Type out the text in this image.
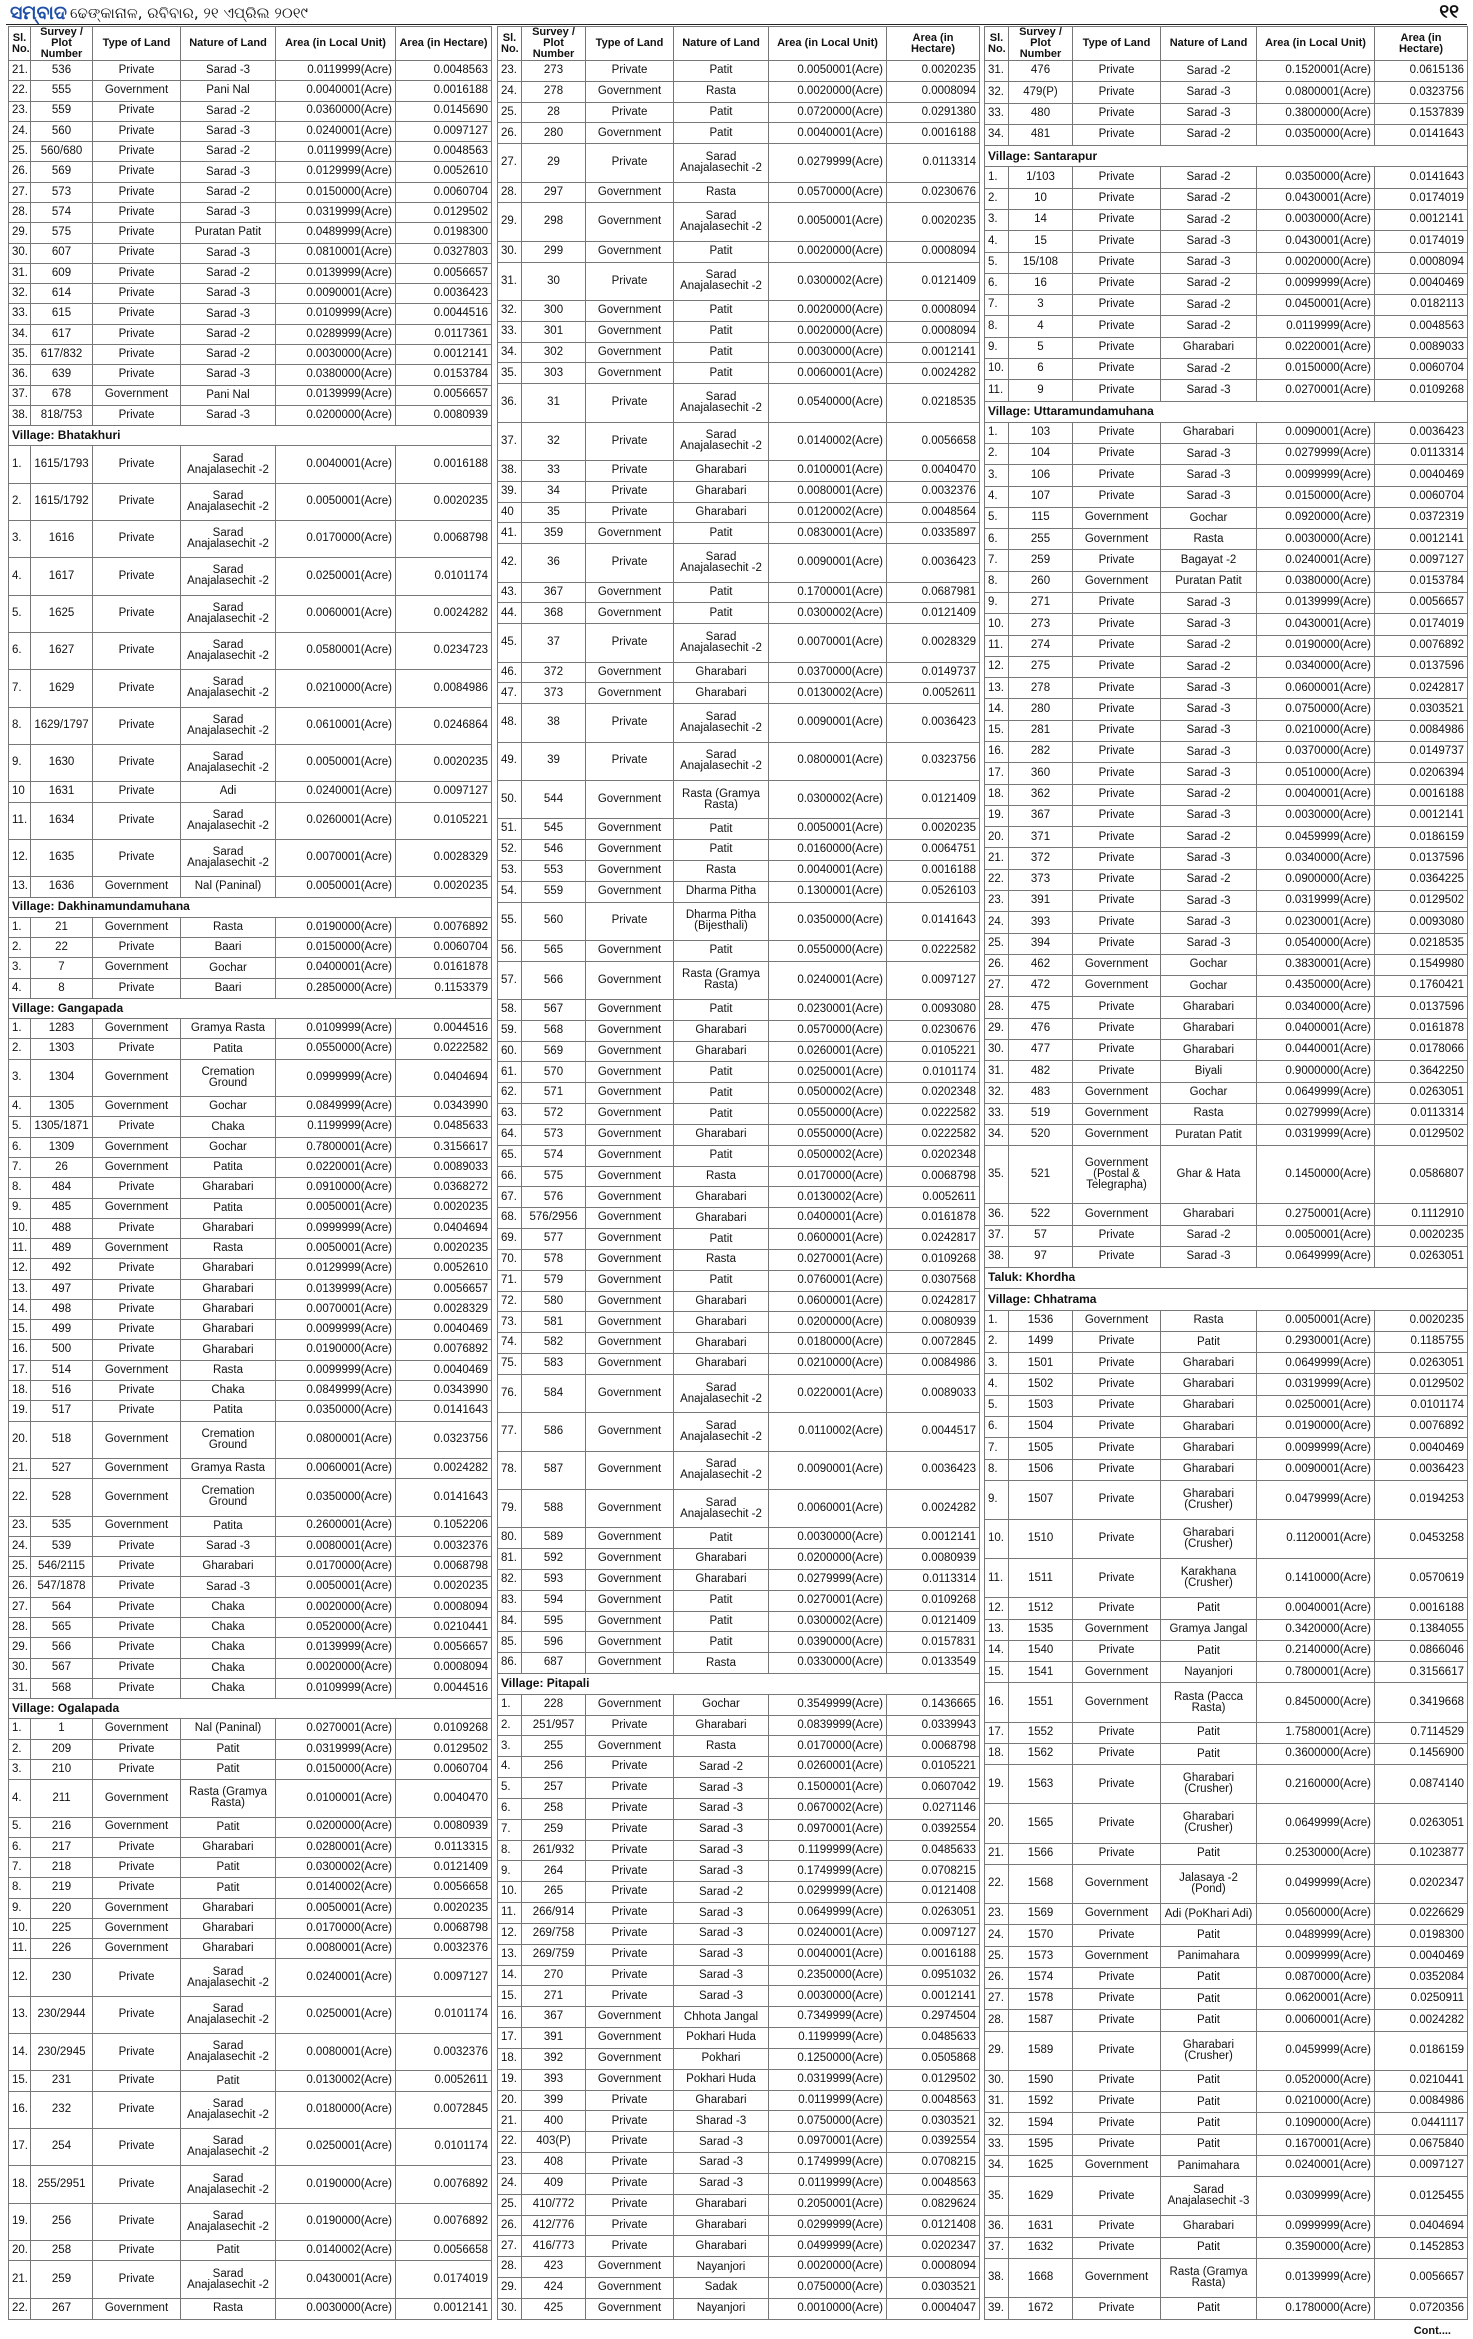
ସମ୍ବାଦ ଢେଙ୍କାନାଳ, ରବିବାର, ୨୧ ଏପ୍ରିଲ ୨୦୧୯	୧୧
Sl. No.	Survey / Plot Number	Type of Land	Nature of Land	Area (in Local Unit)	Area (in Hectare)
21.	536	Private	Sarad -3	0.0119999(Acre)	0.0048563
22.	555	Government	Pani Nal	0.0040001(Acre)	0.0016188
23.	559	Private	Sarad -2	0.0360000(Acre)	0.0145690
24.	560	Private	Sarad -3	0.0240001(Acre)	0.0097127
25.	560/680	Private	Sarad -2	0.0119999(Acre)	0.0048563
26.	569	Private	Sarad -3	0.0129999(Acre)	0.0052610
27.	573	Private	Sarad -2	0.0150000(Acre)	0.0060704
28.	574	Private	Sarad -3	0.0319999(Acre)	0.0129502
29.	575	Private	Puratan Patit	0.0489999(Acre)	0.0198300
30.	607	Private	Sarad -3	0.0810001(Acre)	0.0327803
31.	609	Private	Sarad -2	0.0139999(Acre)	0.0056657
32.	614	Private	Sarad -3	0.0090001(Acre)	0.0036423
33.	615	Private	Sarad -3	0.0109999(Acre)	0.0044516
34.	617	Private	Sarad -2	0.0289999(Acre)	0.0117361
35.	617/832	Private	Sarad -2	0.0030000(Acre)	0.0012141
36.	639	Private	Sarad -3	0.0380000(Acre)	0.0153784
37.	678	Government	Pani Nal	0.0139999(Acre)	0.0056657
38.	818/753	Private	Sarad -3	0.0200000(Acre)	0.0080939
Village: Bhatakhuri					
1.	1615/1793	Private	Sarad Anajalasechit -2	0.0040001(Acre)	0.0016188
2.	1615/1792	Private	Sarad Anajalasechit -2	0.0050001(Acre)	0.0020235
3.	1616	Private	Sarad Anajalasechit -2	0.0170000(Acre)	0.0068798
4.	1617	Private	Sarad Anajalasechit -2	0.0250001(Acre)	0.0101174
5.	1625	Private	Sarad Anajalasechit -2	0.0060001(Acre)	0.0024282
6.	1627	Private	Sarad Anajalasechit -2	0.0580001(Acre)	0.0234723
7.	1629	Private	Sarad Anajalasechit -2	0.0210000(Acre)	0.0084986
8.	1629/1797	Private	Sarad Anajalasechit -2	0.0610001(Acre)	0.0246864
9.	1630	Private	Sarad Anajalasechit -2	0.0050001(Acre)	0.0020235
10	1631	Private	Adi	0.0240001(Acre)	0.0097127
11.	1634	Private	Sarad Anajalasechit -2	0.0260001(Acre)	0.0105221
12.	1635	Private	Sarad Anajalasechit -2	0.0070001(Acre)	0.0028329
13.	1636	Government	Nal (Paninal)	0.0050001(Acre)	0.0020235
Village: Dakhinamundamuhana					
1.	21	Government	Rasta	0.0190000(Acre)	0.0076892
2.	22	Private	Baari	0.0150000(Acre)	0.0060704
3.	7	Government	Gochar	0.0400001(Acre)	0.0161878
4.	8	Private	Baari	0.2850000(Acre)	0.1153379
Village: Gangapada					
1.	1283	Government	Gramya Rasta	0.0109999(Acre)	0.0044516
2.	1303	Private	Patita	0.0550000(Acre)	0.0222582
3.	1304	Government	Cremation Ground	0.0999999(Acre)	0.0404694
4.	1305	Government	Gochar	0.0849999(Acre)	0.0343990
5.	1305/1871	Private	Chaka	0.1199999(Acre)	0.0485633
6.	1309	Government	Gochar	0.7800001(Acre)	0.3156617
7.	26	Government	Patita	0.0220001(Acre)	0.0089033
8.	484	Private	Gharabari	0.0910000(Acre)	0.0368272
9.	485	Government	Patita	0.0050001(Acre)	0.0020235
10.	488	Private	Gharabari	0.0999999(Acre)	0.0404694
11.	489	Government	Rasta	0.0050001(Acre)	0.0020235
12.	492	Private	Gharabari	0.0129999(Acre)	0.0052610
13.	497	Private	Gharabari	0.0139999(Acre)	0.0056657
14.	498	Private	Gharabari	0.0070001(Acre)	0.0028329
15.	499	Private	Gharabari	0.0099999(Acre)	0.0040469
16.	500	Private	Gharabari	0.0190000(Acre)	0.0076892
17.	514	Government	Rasta	0.0099999(Acre)	0.0040469
18.	516	Private	Chaka	0.0849999(Acre)	0.0343990
19.	517	Private	Patita	0.0350000(Acre)	0.0141643
20.	518	Government	Cremation Ground	0.0800001(Acre)	0.0323756
21.	527	Government	Gramya Rasta	0.0060001(Acre)	0.0024282
22.	528	Government	Cremation Ground	0.0350000(Acre)	0.0141643
23.	535	Government	Patita	0.2600001(Acre)	0.1052206
24.	539	Private	Sarad -3	0.0080001(Acre)	0.0032376
25.	546/2115	Private	Gharabari	0.0170000(Acre)	0.0068798
26.	547/1878	Private	Sarad -3	0.0050001(Acre)	0.0020235
27.	564	Private	Chaka	0.0020000(Acre)	0.0008094
28.	565	Private	Chaka	0.0520000(Acre)	0.0210441
29.	566	Private	Chaka	0.0139999(Acre)	0.0056657
30.	567	Private	Chaka	0.0020000(Acre)	0.0008094
31.	568	Private	Chaka	0.0109999(Acre)	0.0044516
Village: Ogalapada					
1.	1	Government	Nal (Paninal)	0.0270001(Acre)	0.0109268
2.	209	Private	Patit	0.0319999(Acre)	0.0129502
3.	210	Private	Patit	0.0150000(Acre)	0.0060704
4.	211	Government	Rasta (Gramya Rasta)	0.0100001(Acre)	0.0040470
5.	216	Government	Patit	0.0200000(Acre)	0.0080939
6.	217	Private	Gharabari	0.0280001(Acre)	0.0113315
7.	218	Private	Patit	0.0300002(Acre)	0.0121409
8.	219	Private	Patit	0.0140002(Acre)	0.0056658
9.	220	Government	Gharabari	0.0050001(Acre)	0.0020235
10.	225	Government	Gharabari	0.0170000(Acre)	0.0068798
11.	226	Government	Gharabari	0.0080001(Acre)	0.0032376
12.	230	Private	Sarad Anajalasechit -2	0.0240001(Acre)	0.0097127
13.	230/2944	Private	Sarad Anajalasechit -2	0.0250001(Acre)	0.0101174
14.	230/2945	Private	Sarad Anajalasechit -2	0.0080001(Acre)	0.0032376
15.	231	Private	Patit	0.0130002(Acre)	0.0052611
16.	232	Private	Sarad Anajalasechit -2	0.0180000(Acre)	0.0072845
17.	254	Private	Sarad Anajalasechit -2	0.0250001(Acre)	0.0101174
18.	255/2951	Private	Sarad Anajalasechit -2	0.0190000(Acre)	0.0076892
19.	256	Private	Sarad Anajalasechit -2	0.0190000(Acre)	0.0076892
20.	258	Private	Patit	0.0140002(Acre)	0.0056658
21.	259	Private	Sarad Anajalasechit -2	0.0430001(Acre)	0.0174019
22.	267	Government	Rasta	0.0030000(Acre)	0.0012141
Sl. No.	Survey / Plot Number	Type of Land	Nature of Land	Area (in Local Unit)	Area (in Hectare)
23.	273	Private	Patit	0.0050001(Acre)	0.0020235
24.	278	Government	Rasta	0.0020000(Acre)	0.0008094
25.	28	Private	Patit	0.0720000(Acre)	0.0291380
26.	280	Government	Patit	0.0040001(Acre)	0.0016188
27.	29	Private	Sarad Anajalasechit -2	0.0279999(Acre)	0.0113314
28.	297	Government	Rasta	0.0570000(Acre)	0.0230676
29.	298	Government	Sarad Anajalasechit -2	0.0050001(Acre)	0.0020235
30.	299	Government	Patit	0.0020000(Acre)	0.0008094
31.	30	Private	Sarad Anajalasechit -2	0.0300002(Acre)	0.0121409
32.	300	Government	Patit	0.0020000(Acre)	0.0008094
33.	301	Government	Patit	0.0020000(Acre)	0.0008094
34.	302	Government	Patit	0.0030000(Acre)	0.0012141
35.	303	Government	Patit	0.0060001(Acre)	0.0024282
36.	31	Private	Sarad Anajalasechit -2	0.0540000(Acre)	0.0218535
37.	32	Private	Sarad Anajalasechit -2	0.0140002(Acre)	0.0056658
38.	33	Private	Gharabari	0.0100001(Acre)	0.0040470
39.	34	Private	Gharabari	0.0080001(Acre)	0.0032376
40	35	Private	Gharabari	0.0120002(Acre)	0.0048564
41.	359	Government	Patit	0.0830001(Acre)	0.0335897
42.	36	Private	Sarad Anajalasechit -2	0.0090001(Acre)	0.0036423
43.	367	Government	Patit	0.1700001(Acre)	0.0687981
44.	368	Government	Patit	0.0300002(Acre)	0.0121409
45.	37	Private	Sarad Anajalasechit -2	0.0070001(Acre)	0.0028329
46.	372	Government	Gharabari	0.0370000(Acre)	0.0149737
47.	373	Government	Gharabari	0.0130002(Acre)	0.0052611
48.	38	Private	Sarad Anajalasechit -2	0.0090001(Acre)	0.0036423
49.	39	Private	Sarad Anajalasechit -2	0.0800001(Acre)	0.0323756
50.	544	Government	Rasta (Gramya Rasta)	0.0300002(Acre)	0.0121409
51.	545	Government	Patit	0.0050001(Acre)	0.0020235
52.	546	Government	Patit	0.0160000(Acre)	0.0064751
53.	553	Government	Rasta	0.0040001(Acre)	0.0016188
54.	559	Government	Dharma Pitha	0.1300001(Acre)	0.0526103
55.	560	Private	Dharma Pitha (Bijesthali)	0.0350000(Acre)	0.0141643
56.	565	Government	Patit	0.0550000(Acre)	0.0222582
57.	566	Government	Rasta (Gramya Rasta)	0.0240001(Acre)	0.0097127
58.	567	Government	Patit	0.0230001(Acre)	0.0093080
59.	568	Government	Gharabari	0.0570000(Acre)	0.0230676
60.	569	Government	Gharabari	0.0260001(Acre)	0.0105221
61.	570	Government	Patit	0.0250001(Acre)	0.0101174
62.	571	Government	Patit	0.0500002(Acre)	0.0202348
63.	572	Government	Patit	0.0550000(Acre)	0.0222582
64.	573	Government	Gharabari	0.0550000(Acre)	0.0222582
65.	574	Government	Patit	0.0500002(Acre)	0.0202348
66.	575	Government	Rasta	0.0170000(Acre)	0.0068798
67.	576	Government	Gharabari	0.0130002(Acre)	0.0052611
68.	576/2956	Government	Gharabari	0.0400001(Acre)	0.0161878
69.	577	Government	Patit	0.0600001(Acre)	0.0242817
70.	578	Government	Rasta	0.0270001(Acre)	0.0109268
71.	579	Government	Patit	0.0760001(Acre)	0.0307568
72.	580	Government	Gharabari	0.0600001(Acre)	0.0242817
73.	581	Government	Gharabari	0.0200000(Acre)	0.0080939
74.	582	Government	Gharabari	0.0180000(Acre)	0.0072845
75.	583	Government	Gharabari	0.0210000(Acre)	0.0084986
76.	584	Government	Sarad Anajalasechit -2	0.0220001(Acre)	0.0089033
77.	586	Government	Sarad Anajalasechit -2	0.0110002(Acre)	0.0044517
78.	587	Government	Sarad Anajalasechit -2	0.0090001(Acre)	0.0036423
79.	588	Government	Sarad Anajalasechit -2	0.0060001(Acre)	0.0024282
80.	589	Government	Patit	0.0030000(Acre)	0.0012141
81.	592	Government	Gharabari	0.0200000(Acre)	0.0080939
82.	593	Government	Gharabari	0.0279999(Acre)	0.0113314
83.	594	Government	Patit	0.0270001(Acre)	0.0109268
84.	595	Government	Patit	0.0300002(Acre)	0.0121409
85.	596	Government	Patit	0.0390000(Acre)	0.0157831
86.	687	Government	Rasta	0.0330000(Acre)	0.0133549
Village: Pitapali					
1.	228	Government	Gochar	0.3549999(Acre)	0.1436665
2.	251/957	Private	Gharabari	0.0839999(Acre)	0.0339943
3.	255	Government	Rasta	0.0170000(Acre)	0.0068798
4.	256	Private	Sarad -2	0.0260001(Acre)	0.0105221
5.	257	Private	Sarad -3	0.1500001(Acre)	0.0607042
6.	258	Private	Sarad -3	0.0670002(Acre)	0.0271146
7.	259	Private	Sarad -3	0.0970001(Acre)	0.0392554
8.	261/932	Private	Sarad -3	0.1199999(Acre)	0.0485633
9.	264	Private	Sarad -3	0.1749999(Acre)	0.0708215
10.	265	Private	Sarad -2	0.0299999(Acre)	0.0121408
11.	266/914	Private	Sarad -3	0.0649999(Acre)	0.0263051
12.	269/758	Private	Sarad -3	0.0240001(Acre)	0.0097127
13.	269/759	Private	Sarad -3	0.0040001(Acre)	0.0016188
14.	270	Private	Sarad -3	0.2350000(Acre)	0.0951032
15.	271	Private	Sarad -3	0.0030000(Acre)	0.0012141
16.	367	Government	Chhota Jangal	0.7349999(Acre)	0.2974504
17.	391	Government	Pokhari Huda	0.1199999(Acre)	0.0485633
18.	392	Government	Pokhari	0.1250000(Acre)	0.0505868
19.	393	Government	Pokhari Huda	0.0319999(Acre)	0.0129502
20.	399	Private	Gharabari	0.0119999(Acre)	0.0048563
21.	400	Private	Sharad -3	0.0750000(Acre)	0.0303521
22.	403(P)	Private	Sarad -3	0.0970001(Acre)	0.0392554
23.	408	Private	Sarad -3	0.1749999(Acre)	0.0708215
24.	409	Private	Sarad -3	0.0119999(Acre)	0.0048563
25.	410/772	Private	Gharabari	0.2050001(Acre)	0.0829624
26.	412/776	Private	Gharabari	0.0299999(Acre)	0.0121408
27.	416/773	Private	Gharabari	0.0499999(Acre)	0.0202347
28.	423	Government	Nayanjori	0.0020000(Acre)	0.0008094
29.	424	Government	Sadak	0.0750000(Acre)	0.0303521
30.	425	Government	Nayanjori	0.0010000(Acre)	0.0004047
Sl. No.	Survey / Plot Number	Type of Land	Nature of Land	Area (in Local Unit)	Area (in Hectare)
31.	476	Private	Sarad -2	0.1520001(Acre)	0.0615136
32.	479(P)	Private	Sarad -3	0.0800001(Acre)	0.0323756
33.	480	Private	Sarad -3	0.3800000(Acre)	0.1537839
34.	481	Private	Sarad -2	0.0350000(Acre)	0.0141643
Village: Santarapur					
1.	1/103	Private	Sarad -2	0.0350000(Acre)	0.0141643
2.	10	Private	Sarad -2	0.0430001(Acre)	0.0174019
3.	14	Private	Sarad -2	0.0030000(Acre)	0.0012141
4.	15	Private	Sarad -3	0.0430001(Acre)	0.0174019
5.	15/108	Private	Sarad -3	0.0020000(Acre)	0.0008094
6.	16	Private	Sarad -2	0.0099999(Acre)	0.0040469
7.	3	Private	Sarad -2	0.0450001(Acre)	0.0182113
8.	4	Private	Sarad -2	0.0119999(Acre)	0.0048563
9.	5	Private	Gharabari	0.0220001(Acre)	0.0089033
10.	6	Private	Sarad -2	0.0150000(Acre)	0.0060704
11.	9	Private	Sarad -3	0.0270001(Acre)	0.0109268
Village: Uttaramundamuhana					
1.	103	Private	Gharabari	0.0090001(Acre)	0.0036423
2.	104	Private	Sarad -3	0.0279999(Acre)	0.0113314
3.	106	Private	Sarad -3	0.0099999(Acre)	0.0040469
4.	107	Private	Sarad -3	0.0150000(Acre)	0.0060704
5.	115	Government	Gochar	0.0920000(Acre)	0.0372319
6.	255	Government	Rasta	0.0030000(Acre)	0.0012141
7.	259	Private	Bagayat -2	0.0240001(Acre)	0.0097127
8.	260	Government	Puratan Patit	0.0380000(Acre)	0.0153784
9.	271	Private	Sarad -3	0.0139999(Acre)	0.0056657
10.	273	Private	Sarad -3	0.0430001(Acre)	0.0174019
11.	274	Private	Sarad -2	0.0190000(Acre)	0.0076892
12.	275	Private	Sarad -2	0.0340000(Acre)	0.0137596
13.	278	Private	Sarad -3	0.0600001(Acre)	0.0242817
14.	280	Private	Sarad -3	0.0750000(Acre)	0.0303521
15.	281	Private	Sarad -3	0.0210000(Acre)	0.0084986
16.	282	Private	Sarad -3	0.0370000(Acre)	0.0149737
17.	360	Private	Sarad -3	0.0510000(Acre)	0.0206394
18.	362	Private	Sarad -2	0.0040001(Acre)	0.0016188
19.	367	Private	Sarad -3	0.0030000(Acre)	0.0012141
20.	371	Private	Sarad -2	0.0459999(Acre)	0.0186159
21.	372	Private	Sarad -3	0.0340000(Acre)	0.0137596
22.	373	Private	Sarad -2	0.0900000(Acre)	0.0364225
23.	391	Private	Sarad -3	0.0319999(Acre)	0.0129502
24.	393	Private	Sarad -3	0.0230001(Acre)	0.0093080
25.	394	Private	Sarad -3	0.0540000(Acre)	0.0218535
26.	462	Government	Gochar	0.3830001(Acre)	0.1549980
27.	472	Government	Gochar	0.4350000(Acre)	0.1760421
28.	475	Private	Gharabari	0.0340000(Acre)	0.0137596
29.	476	Private	Gharabari	0.0400001(Acre)	0.0161878
30.	477	Private	Gharabari	0.0440001(Acre)	0.0178066
31.	482	Private	Biyali	0.9000000(Acre)	0.3642250
32.	483	Government	Gochar	0.0649999(Acre)	0.0263051
33.	519	Government	Rasta	0.0279999(Acre)	0.0113314
34.	520	Government	Puratan Patit	0.0319999(Acre)	0.0129502
35.	521	Government (Postal & Telegrapha)	Ghar & Hata	0.1450000(Acre)	0.0586807
36.	522	Government	Gharabari	0.2750001(Acre)	0.1112910
37.	57	Private	Sarad -2	0.0050001(Acre)	0.0020235
38.	97	Private	Sarad -3	0.0649999(Acre)	0.0263051
Taluk: Khordha					
Village: Chhatrama					
1.	1536	Government	Rasta	0.0050001(Acre)	0.0020235
2.	1499	Private	Patit	0.2930001(Acre)	0.1185755
3.	1501	Private	Gharabari	0.0649999(Acre)	0.0263051
4.	1502	Private	Gharabari	0.0319999(Acre)	0.0129502
5.	1503	Private	Gharabari	0.0250001(Acre)	0.0101174
6.	1504	Private	Gharabari	0.0190000(Acre)	0.0076892
7.	1505	Private	Gharabari	0.0099999(Acre)	0.0040469
8.	1506	Private	Gharabari	0.0090001(Acre)	0.0036423
9.	1507	Private	Gharabari (Crusher)	0.0479999(Acre)	0.0194253
10.	1510	Private	Gharabari (Crusher)	0.1120001(Acre)	0.0453258
11.	1511	Private	Karakhana (Crusher)	0.1410000(Acre)	0.0570619
12.	1512	Private	Patit	0.0040001(Acre)	0.0016188
13.	1535	Government	Gramya Jangal	0.3420000(Acre)	0.1384055
14.	1540	Private	Patit	0.2140000(Acre)	0.0866046
15.	1541	Government	Nayanjori	0.7800001(Acre)	0.3156617
16.	1551	Government	Rasta (Pacca Rasta)	0.8450000(Acre)	0.3419668
17.	1552	Private	Patit	1.7580001(Acre)	0.7114529
18.	1562	Private	Patit	0.3600000(Acre)	0.1456900
19.	1563	Private	Gharabari (Crusher)	0.2160000(Acre)	0.0874140
20.	1565	Private	Gharabari (Crusher)	0.0649999(Acre)	0.0263051
21.	1566	Private	Patit	0.2530000(Acre)	0.1023877
22.	1568	Government	Jalasaya -2 (Pond)	0.0499999(Acre)	0.0202347
23.	1569	Government	Adi (PoKhari Adi)	0.0560000(Acre)	0.0226629
24.	1570	Private	Patit	0.0489999(Acre)	0.0198300
25.	1573	Government	Panimahara	0.0099999(Acre)	0.0040469
26.	1574	Private	Patit	0.0870000(Acre)	0.0352084
27.	1578	Private	Patit	0.0620001(Acre)	0.0250911
28.	1587	Private	Patit	0.0060001(Acre)	0.0024282
29.	1589	Private	Gharabari (Crusher)	0.0459999(Acre)	0.0186159
30.	1590	Private	Patit	0.0520000(Acre)	0.0210441
31.	1592	Private	Patit	0.0210000(Acre)	0.0084986
32.	1594	Private	Patit	0.1090000(Acre)	0.0441117
33.	1595	Private	Patit	0.1670001(Acre)	0.0675840
34.	1625	Government	Panimahara	0.0240001(Acre)	0.0097127
35.	1629	Private	Sarad Anajalasechit -3	0.0309999(Acre)	0.0125455
36.	1631	Private	Gharabari	0.0999999(Acre)	0.0404694
37.	1632	Private	Patit	0.3590000(Acre)	0.1452853
38.	1668	Government	Rasta (Gramya Rasta)	0.0139999(Acre)	0.0056657
39.	1672	Private	Patit	0.1780000(Acre)	0.0720356
Cont....
